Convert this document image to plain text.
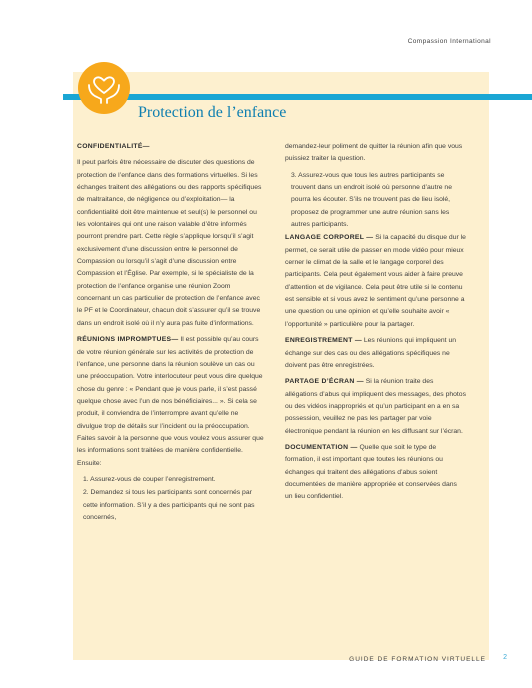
Compassion International
Protection de l’enfance

CONFIDENTIALITÉ—

Il peut parfois être nécessaire de discuter des questions de protection de l’enfance dans des formations virtuelles. Si les échanges traitent des allégations ou des rapports spécifiques de maltraitance, de négligence ou d’exploitation— la confidentialité doit être maintenue et seul(s) le personnel ou les volontaires qui ont une raison valable d’être informés pourront prendre part. Cette règle s’applique lorsqu’il s’agit exclusivement d’une discussion entre le personnel de Compassion ou lorsqu’il s’agit d’une discussion entre Compassion et l’Église. Par exemple, si le spécialiste de la protection de l’enfance organise une réunion Zoom concernant un cas particulier de protection de l’enfance avec le PF et le Coordinateur, chacun doit s’assurer qu’il se trouve dans un endroit isolé où il n’y aura pas fuite d’informations.

RÉUNIONS IMPROMPTUES— Il est possible qu’au cours de votre réunion générale sur les activités de protection de l’enfance, une personne dans la réunion soulève un cas ou une préoccupation. Votre interlocuteur peut vous dire quelque chose du genre : « Pendant que je vous parle, il s’est passé quelque chose avec l’un de nos bénéficiaires... ». Si cela se produit, il conviendra de l’interrompre avant qu’elle ne divulgue trop de détails sur l’incident ou la préoccupation. Faites savoir à la personne que vous voulez vous assurer que les informations sont traitées de manière confidentielle. Ensuite:

1. Assurez-vous de couper l’enregistrement.

2. Demandez si tous les participants sont concernés par cette information. S’il y a des participants qui ne sont pas concernés,

demandez-leur poliment de quitter la réunion afin que vous puissiez traiter la question.

3. Assurez-vous que tous les autres participants se trouvent dans un endroit isolé où personne d’autre ne pourra les écouter. S’ils ne trouvent pas de lieu isolé, proposez de programmer une autre réunion sans les autres participants.

LANGAGE CORPOREL — Si la capacité du disque dur le permet, ce serait utile de passer en mode vidéo pour mieux cerner le climat de la salle et le langage corporel des participants. Cela peut également vous aider à faire preuve d’attention et de vigilance. Cela peut être utile si le contenu est sensible et si vous avez le sentiment qu’une personne a une question ou une opinion et qu’elle souhaite avoir « l’opportunité » particulière pour la partager.

ENREGISTREMENT — Les réunions qui impliquent un échange sur des cas ou des allégations spécifiques ne doivent pas être enregistrées.

PARTAGE D’ÉCRAN — Si la réunion traite des allégations d’abus qui impliquent des messages, des photos ou des vidéos inappropriés et qu’un participant en a en sa possession, veuillez ne pas les partager par voie électronique pendant la réunion en les diffusant sur l’écran.

DOCUMENTATION — Quelle que soit le type de formation, il est important que toutes les réunions ou échanges qui traitent des allégations d’abus soient documentées de manière appropriée et conservées dans un lieu confidentiel.

GUIDE DE FORMATION VIRTUELLE 2
